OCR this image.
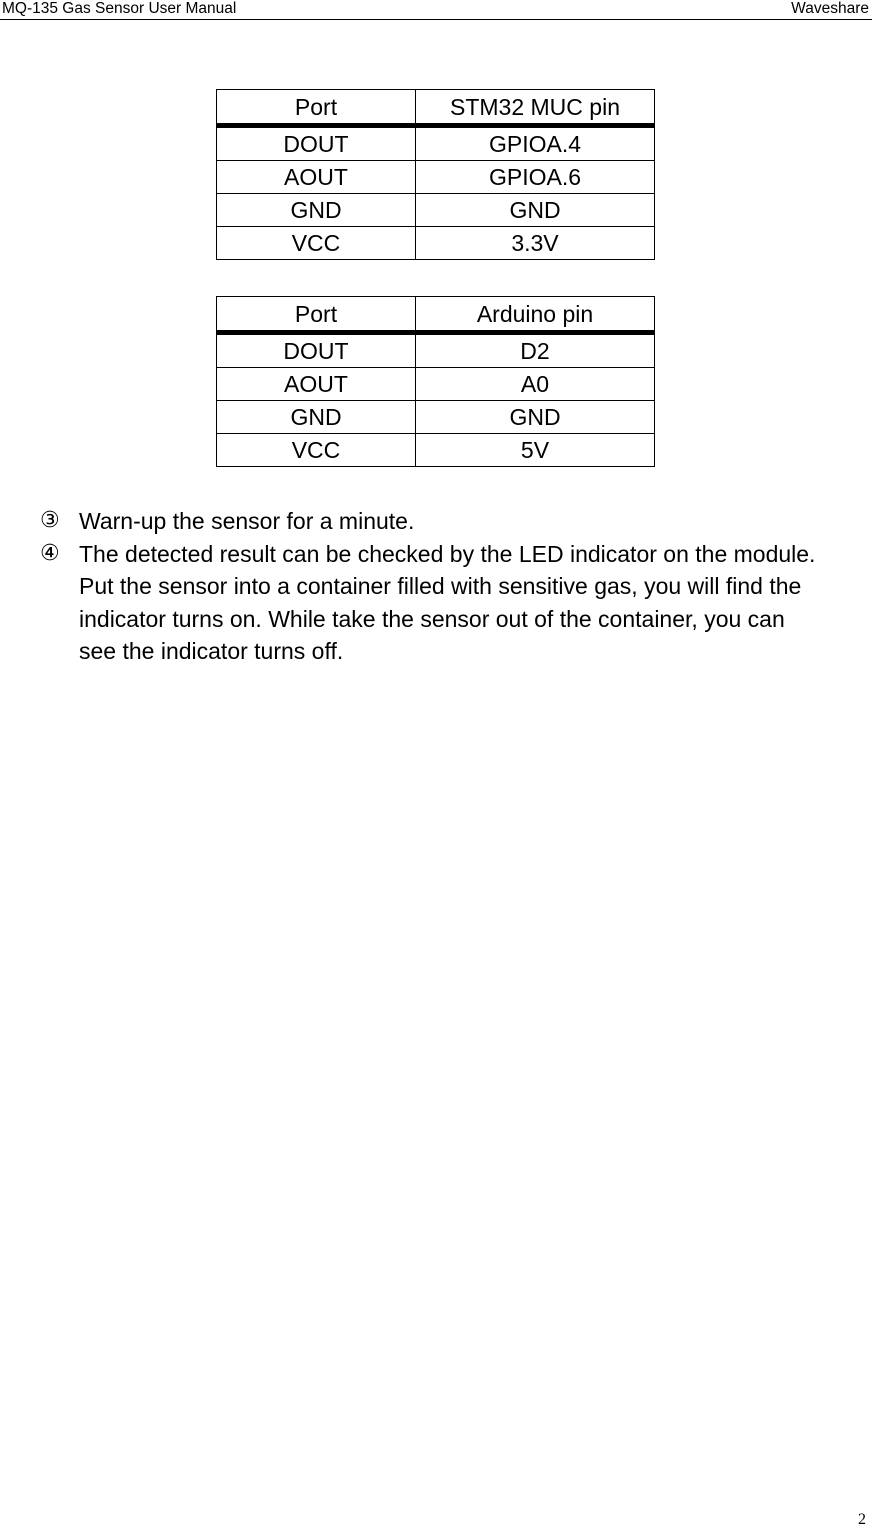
MQ-135 Gas Sensor User Manual	Waveshare
Port	STM32 MUC pin
DOUT	GPIOA.4
AOUT	GPIOA.6
GND	GND
VCC	3.3V
Port	Arduino pin
DOUT	D2
AOUT	A0
GND	GND
VCC	5V
③ Warn-up the sensor for a minute.
④ The detected result can be checked by the LED indicator on the module.
Put the sensor into a container filled with sensitive gas, you will find the
indicator turns on. While take the sensor out of the container, you can
see the indicator turns off.
2
